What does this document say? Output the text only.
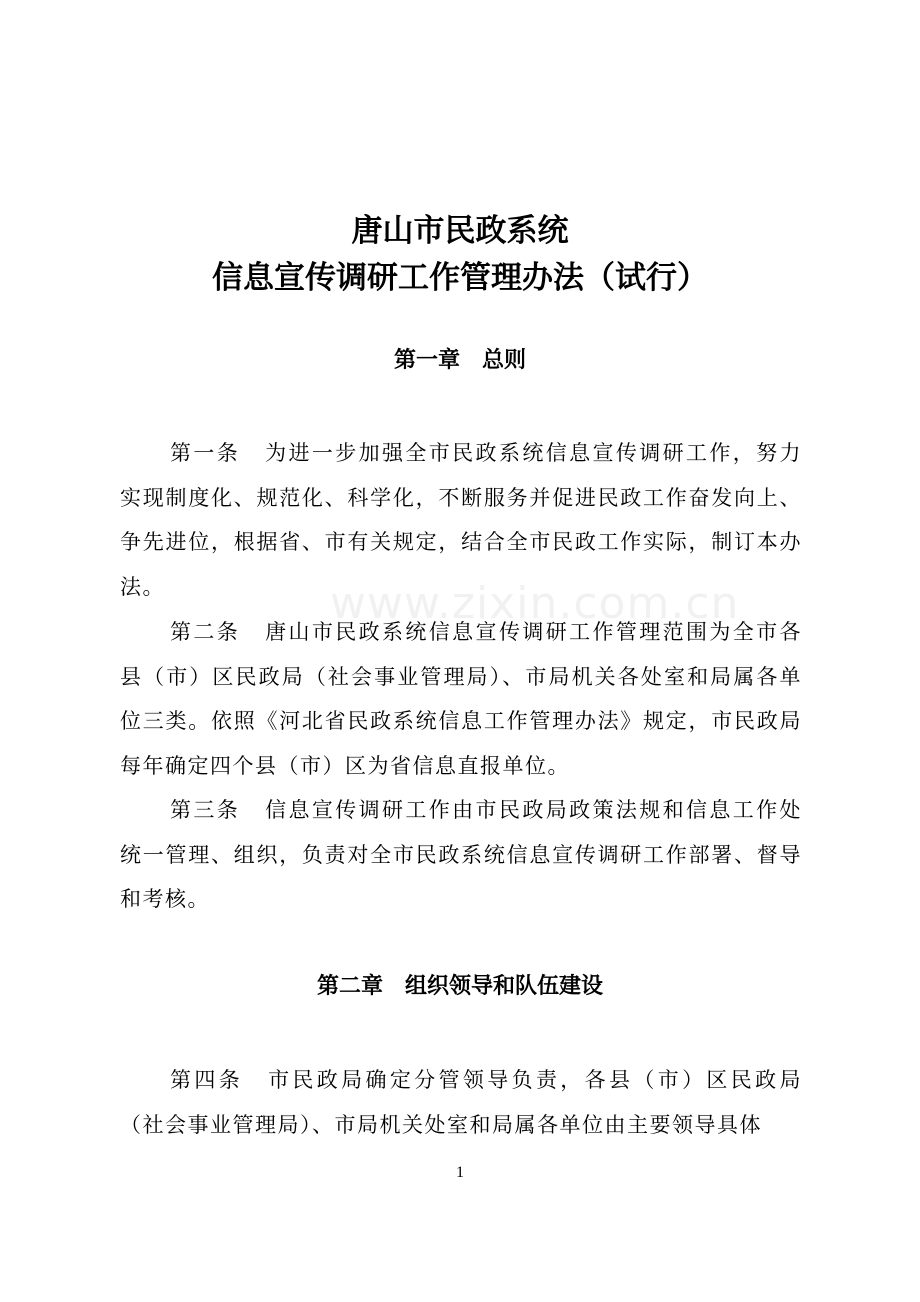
唐山市民政系统
信息宣传调研工作管理办法（试行）
第一章　总则

第一条 为进一步加强全市民政系统信息宣传调研工作，努力实现制度化、规范化、科学化，不断服务并促进民政工作奋发向上、争先进位，根据省、市有关规定，结合全市民政工作实际，制订本办法。	www.zixin.com.cn

第二条 唐山市民政系统信息宣传调研工作管理范围为全市各县（市）区民政局（社会事业管理局）、市局机关各处室和局属各单位三类。依照《河北省民政系统信息工作管理办法》规定，市民政局每年确定四个县（市）区为省信息直报单位。

第三条 信息宣传调研工作由市民政局政策法规和信息工作处统一管理、组织，负责对全市民政系统信息宣传调研工作部署、督导和考核。

第二章　组织领导和队伍建设

第四条 市民政局确定分管领导负责，各县（市）区民政局（社会事业管理局）、市局机关处室和局属各单位由主要领导具体

1
